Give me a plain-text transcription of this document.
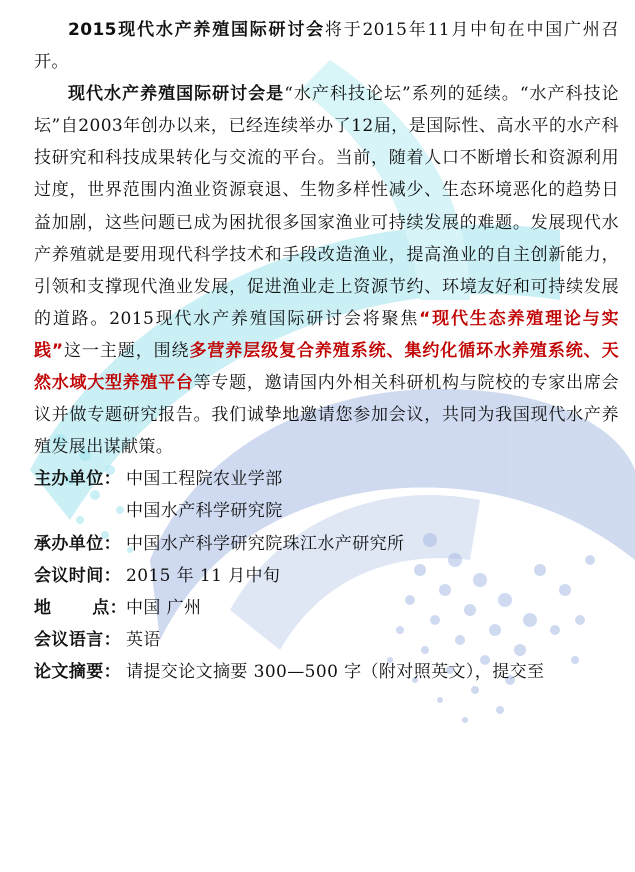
2015现代水产养殖国际研讨会将于2015年11月中旬在中国广州召开。

现代水产养殖国际研讨会是“水产科技论坛”系列的延续。“水产科技论坛”自2003年创办以来，已经连续举办了12届，是国际性、高水平的水产科技研究和科技成果转化与交流的平台。当前，随着人口不断增长和资源利用过度，世界范围内渔业资源衰退、生物多样性减少、生态环境恶化的趋势日益加剧，这些问题已成为困扰很多国家渔业可持续发展的难题。发展现代水产养殖就是要用现代科学技术和手段改造渔业，提高渔业的自主创新能力，引领和支撑现代渔业发展，促进渔业走上资源节约、环境友好和可持续发展的道路。2015现代水产养殖国际研讨会将聚焦“现代生态养殖理论与实践”这一主题，围绕多营养层级复合养殖系统、集约化循环水养殖系统、天然水域大型养殖平台等专题，邀请国内外相关科研机构与院校的专家出席会议并做专题研究报告。我们诚挚地邀请您参加会议，共同为我国现代水产养殖发展出谋献策。

主办单位： 中国工程院农业学部
中国水产科学研究院
承办单位： 中国水产科学研究院珠江水产研究所
会议时间： 2015 年 11 月中旬
地 点：
中国 广州
会议语言： 英语
论文摘要： 请提交论文摘要 300—500 字（附对照英文），提交至
